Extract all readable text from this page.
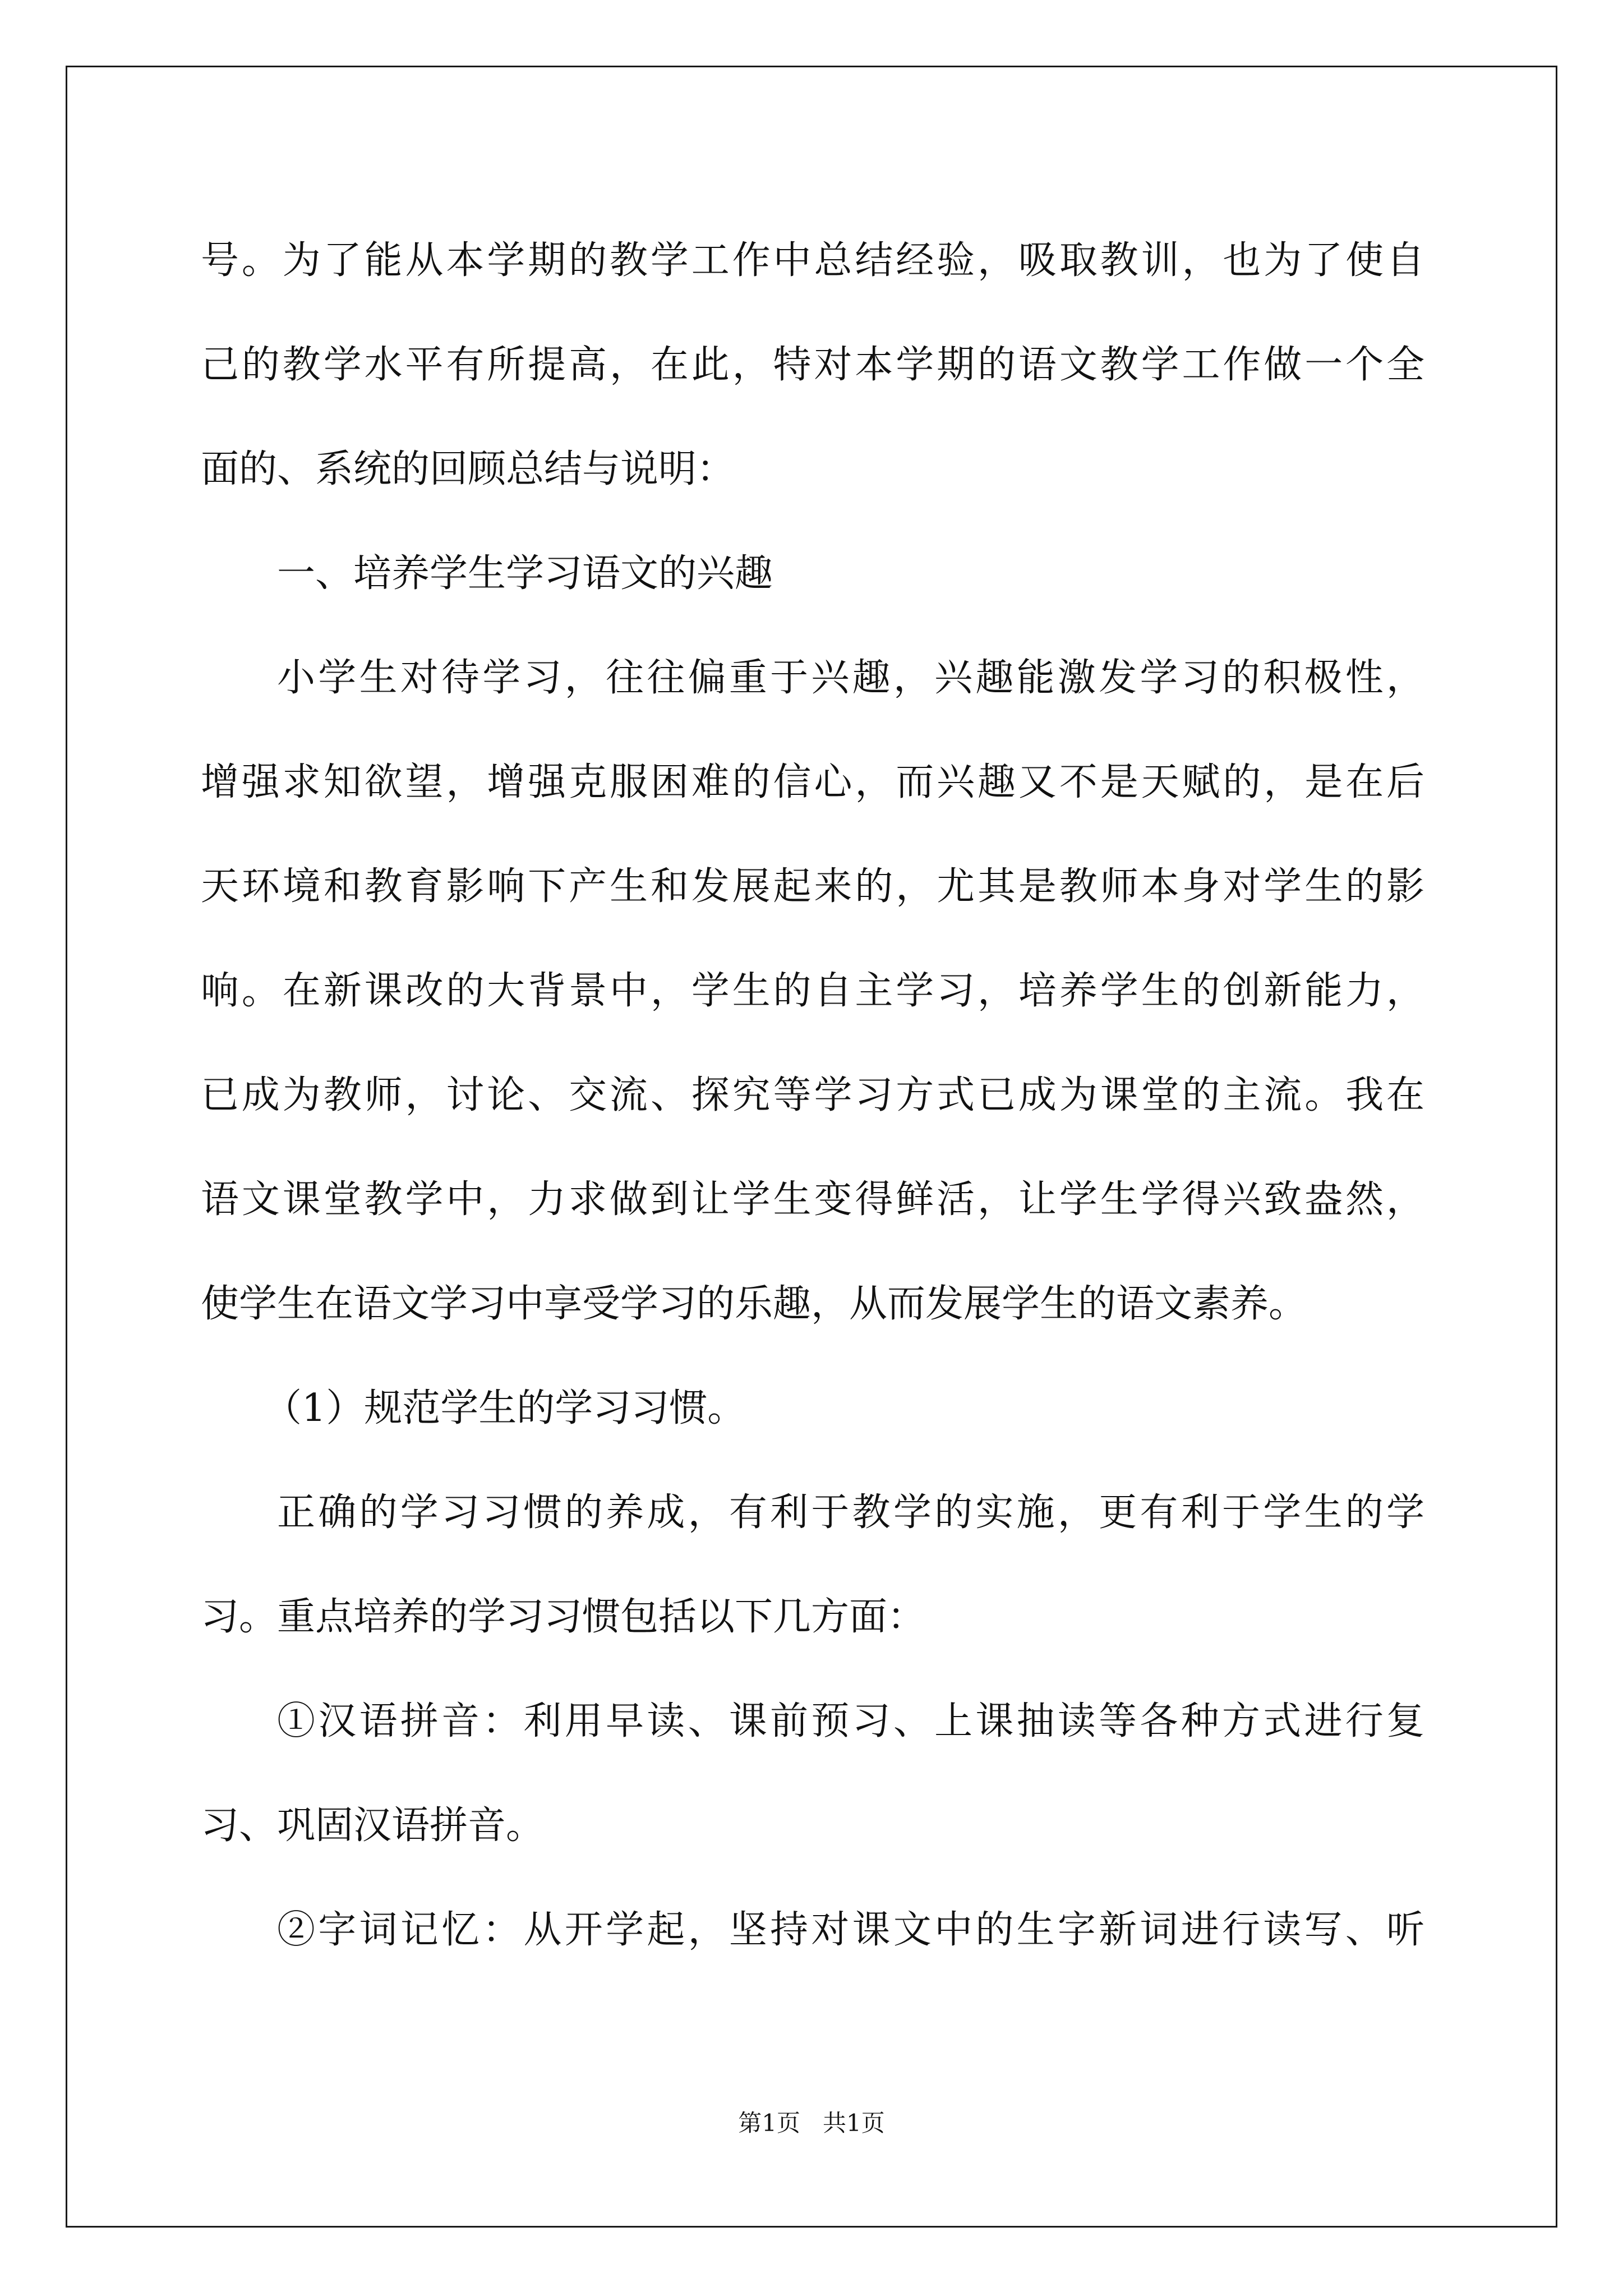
号。为了能从本学期的教学工作中总结经验，吸取教训，也为了使自
己的教学水平有所提高，在此，特对本学期的语文教学工作做一个全
面的、系统的回顾总结与说明：
一、培养学生学习语文的兴趣
小学生对待学习，往往偏重于兴趣，兴趣能激发学习的积极性，
增强求知欲望，增强克服困难的信心，而兴趣又不是天赋的，是在后
天环境和教育影响下产生和发展起来的，尤其是教师本身对学生的影
响。在新课改的大背景中，学生的自主学习，培养学生的创新能力，
已成为教师，讨论、交流、探究等学习方式已成为课堂的主流。我在
语文课堂教学中，力求做到让学生变得鲜活，让学生学得兴致盎然，
使学生在语文学习中享受学习的乐趣，从而发展学生的语文素养。
（1）规范学生的学习习惯。
正确的学习习惯的养成，有利于教学的实施，更有利于学生的学
习。重点培养的学习习惯包括以下几方面：
①汉语拼音：利用早读、课前预习、上课抽读等各种方式进行复
习、巩固汉语拼音。
②字词记忆：从开学起，坚持对课文中的生字新词进行读写、听
第1页 共1页
